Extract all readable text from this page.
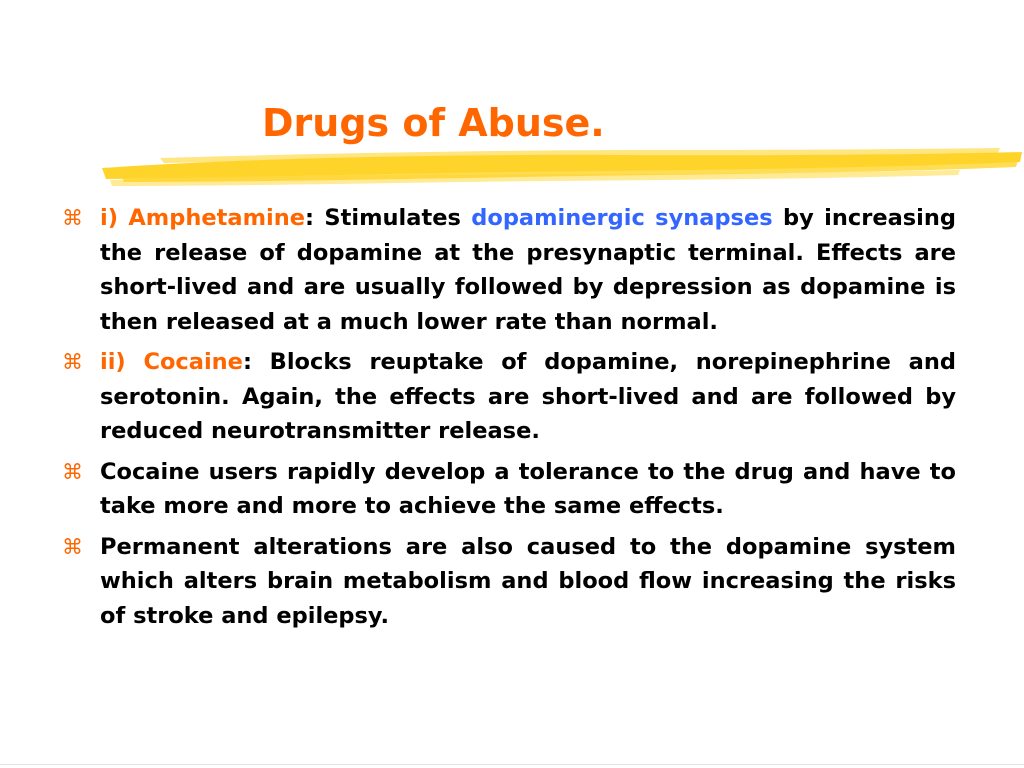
Drugs of Abuse.
⌘ i) Amphetamine: Stimulates dopaminergic synapses by increasing the release of dopamine at the presynaptic terminal. Effects are short-lived and are usually followed by depression as dopamine is then released at a much lower rate than normal.
⌘ ii) Cocaine: Blocks reuptake of dopamine, norepinephrine and serotonin. Again, the effects are short-lived and are followed by reduced neurotransmitter release.
⌘ Cocaine users rapidly develop a tolerance to the drug and have to take more and more to achieve the same effects.
⌘ Permanent alterations are also caused to the dopamine system which alters brain metabolism and blood flow increasing the risks of stroke and epilepsy.
